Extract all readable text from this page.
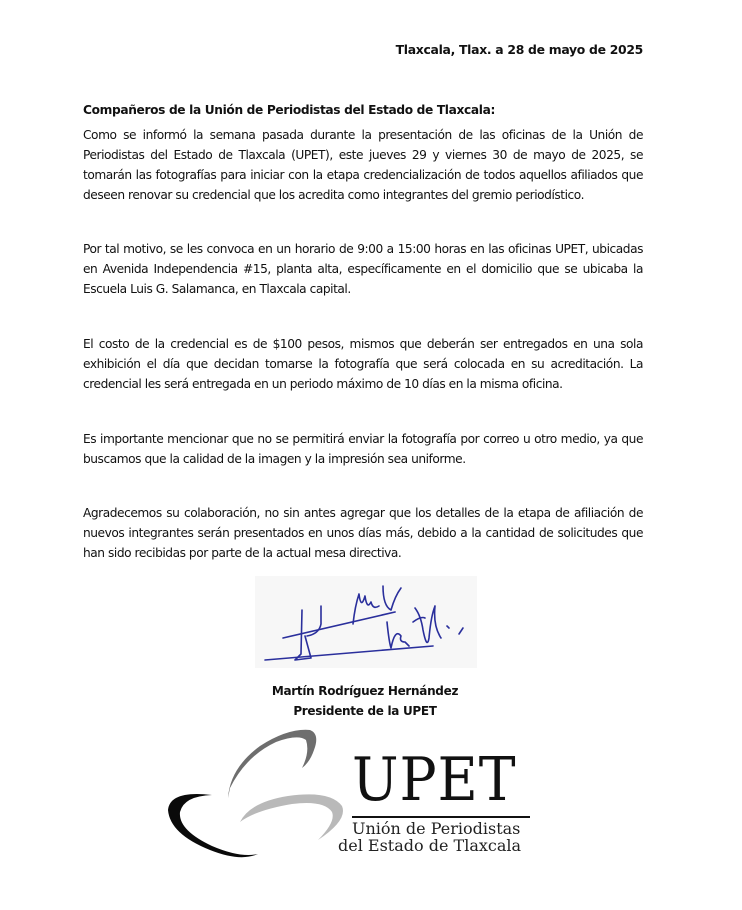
Tlaxcala, Tlax. a 28 de mayo de 2025
Compañeros de la Unión de Periodistas del Estado de Tlaxcala:

Como se informó la semana pasada durante la presentación de las oficinas de la Unión de Periodistas del Estado de Tlaxcala (UPET), este jueves 29 y viernes 30 de mayo de 2025, se tomarán las fotografías para iniciar con la etapa credencialización de todos aquellos afiliados que deseen renovar su credencial que los acredita como integrantes del gremio periodístico.

Por tal motivo, se les convoca en un horario de 9:00 a 15:00 horas en las oficinas UPET, ubicadas en Avenida Independencia #15, planta alta, específicamente en el domicilio que se ubicaba la Escuela Luis G. Salamanca, en Tlaxcala capital.

El costo de la credencial es de $100 pesos, mismos que deberán ser entregados en una sola exhibición el día que decidan tomarse la fotografía que será colocada en su acreditación. La credencial les será entregada en un periodo máximo de 10 días en la misma oficina.

Es importante mencionar que no se permitirá enviar la fotografía por correo u otro medio, ya que buscamos que la calidad de la imagen y la impresión sea uniforme.

Agradecemos su colaboración, no sin antes agregar que los detalles de la etapa de afiliación de nuevos integrantes serán presentados en unos días más, debido a la cantidad de solicitudes que han sido recibidas por parte de la actual mesa directiva.

Martín Rodríguez Hernández
Presidente de la UPET
UPET
Unión de Periodistas
del Estado de Tlaxcala
